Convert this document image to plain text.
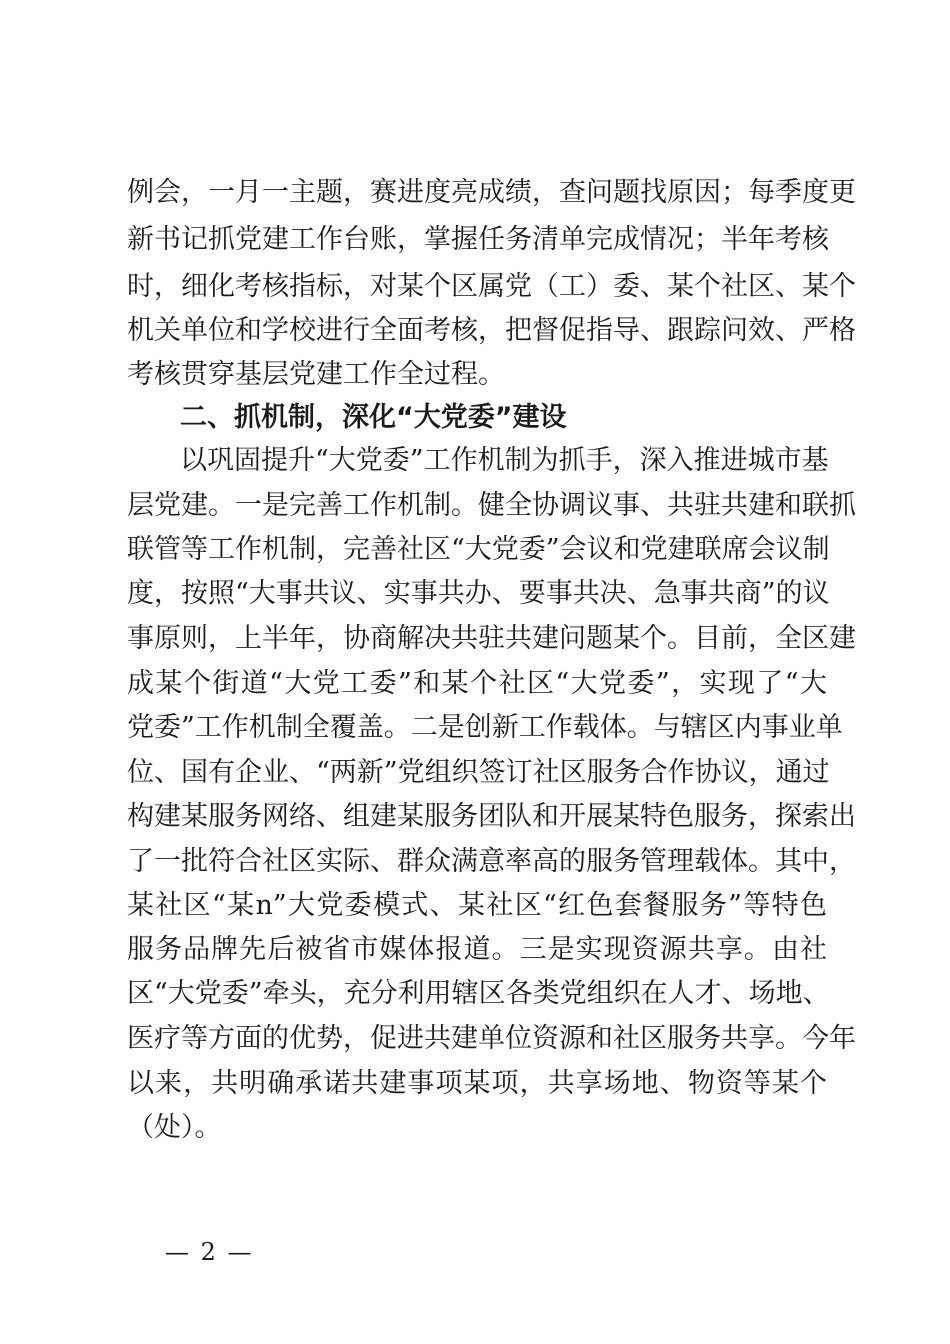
例会，一月一主题，赛进度亮成绩，查问题找原因；每季度更
新书记抓党建工作台账，掌握任务清单完成情况；半年考核
时，细化考核指标，对某个区属党（工）委、某个社区、某个
机关单位和学校进行全面考核，把督促指导、跟踪问效、严格
考核贯穿基层党建工作全过程。
二、抓机制，深化“大党委”建设
以巩固提升“大党委”工作机制为抓手，深入推进城市基
层党建。一是完善工作机制。健全协调议事、共驻共建和联抓
联管等工作机制，完善社区“大党委”会议和党建联席会议制
度，按照“大事共议、实事共办、要事共决、急事共商”的议
事原则，上半年，协商解决共驻共建问题某个。目前，全区建
成某个街道“大党工委”和某个社区“大党委”，实现了“大
党委”工作机制全覆盖。二是创新工作载体。与辖区内事业单
位、国有企业、“两新”党组织签订社区服务合作协议，通过
构建某服务网络、组建某服务团队和开展某特色服务，探索出
了一批符合社区实际、群众满意率高的服务管理载体。其中，
某社区“某n”大党委模式、某社区“红色套餐服务”等特色
服务品牌先后被省市媒体报道。三是实现资源共享。由社
区“大党委”牵头，充分利用辖区各类党组织在人才、场地、
医疗等方面的优势，促进共建单位资源和社区服务共享。今年
以来，共明确承诺共建事项某项，共享场地、物资等某个
（处）。
— 2 —
